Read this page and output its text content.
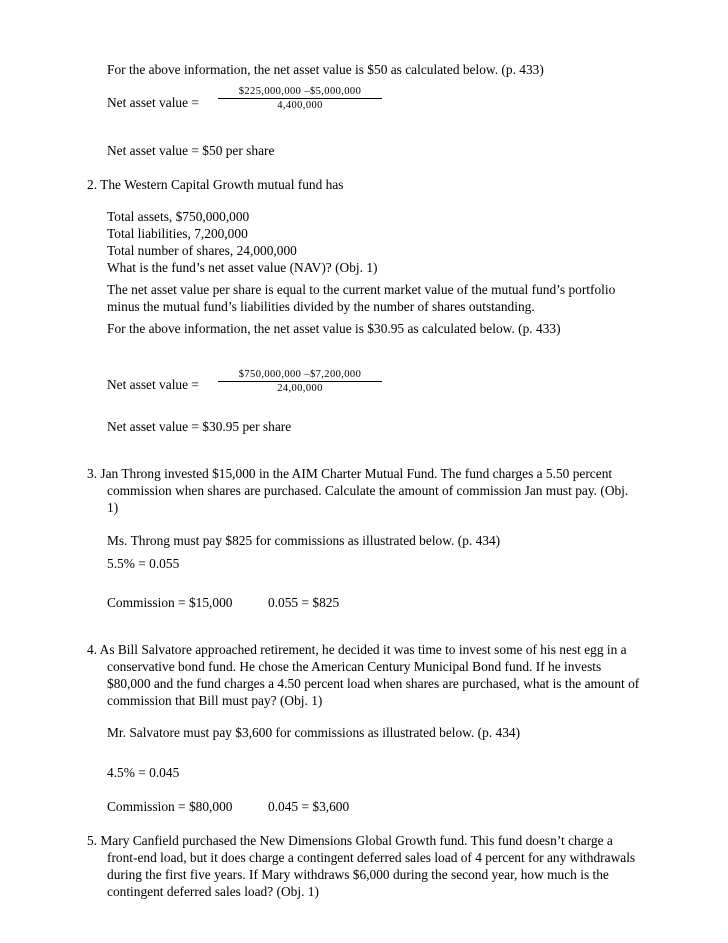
For the above information, the net asset value is $50 as calculated below. (p. 433)
Net asset value =
$225,000,000 –$5,000,000
4,400,000
Net asset value = $50 per share
2. The Western Capital Growth mutual fund has
Total assets, $750,000,000
Total liabilities, 7,200,000
Total number of shares, 24,000,000
What is the fund’s net asset value (NAV)? (Obj. 1)
The net asset value per share is equal to the current market value of the mutual fund’s portfolio
minus the mutual fund’s liabilities divided by the number of shares outstanding.
For the above information, the net asset value is $30.95 as calculated below. (p. 433)
Net asset value =
$750,000,000 –$7,200,000
24,00,000
Net asset value = $30.95 per share
3. Jan Throng invested $15,000 in the AIM Charter Mutual Fund. The fund charges a 5.50 percent
commission when shares are purchased. Calculate the amount of commission Jan must pay. (Obj.
1)
Ms. Throng must pay $825 for commissions as illustrated below. (p. 434)
5.5% = 0.055
Commission = $15,000	0.055 = $825
4. As Bill Salvatore approached retirement, he decided it was time to invest some of his nest egg in a
conservative bond fund. He chose the American Century Municipal Bond fund. If he invests
$80,000 and the fund charges a 4.50 percent load when shares are purchased, what is the amount of
commission that Bill must pay? (Obj. 1)
Mr. Salvatore must pay $3,600 for commissions as illustrated below. (p. 434)
4.5% = 0.045
Commission = $80,000	0.045 = $3,600
5. Mary Canfield purchased the New Dimensions Global Growth fund. This fund doesn’t charge a
front-end load, but it does charge a contingent deferred sales load of 4 percent for any withdrawals
during the first five years. If Mary withdraws $6,000 during the second year, how much is the
contingent deferred sales load? (Obj. 1)
